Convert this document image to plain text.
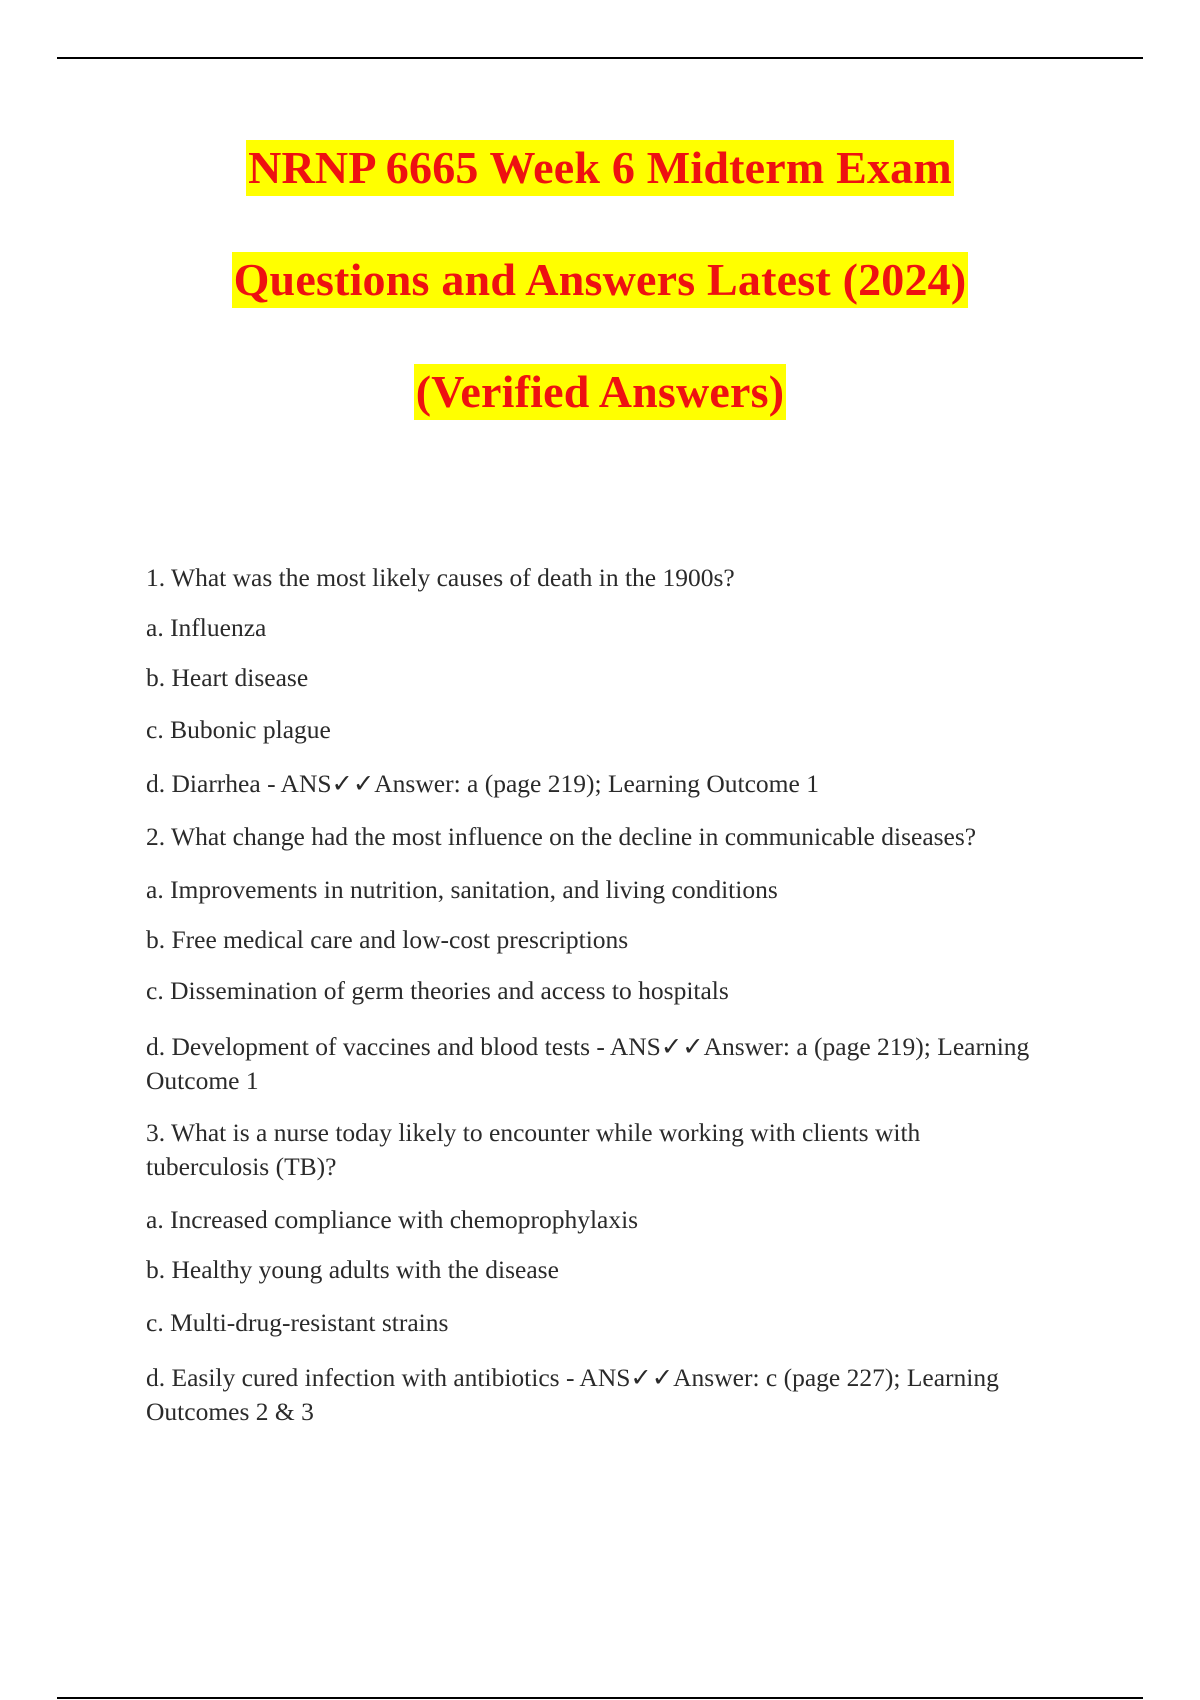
NRNP 6665 Week 6 Midterm Exam
Questions and Answers Latest (2024)
(Verified Answers)

1. What was the most likely causes of death in the 1900s?

a. Influenza

b. Heart disease

c. Bubonic plague

d. Diarrhea - ANS✓✓Answer: a (page 219); Learning Outcome 1

2. What change had the most influence on the decline in communicable diseases?

a. Improvements in nutrition, sanitation, and living conditions

b. Free medical care and low-cost prescriptions

c. Dissemination of germ theories and access to hospitals

d. Development of vaccines and blood tests - ANS✓✓Answer: a (page 219); Learning Outcome 1

3. What is a nurse today likely to encounter while working with clients with tuberculosis (TB)?

a. Increased compliance with chemoprophylaxis

b. Healthy young adults with the disease

c. Multi-drug-resistant strains

d. Easily cured infection with antibiotics - ANS✓✓Answer: c (page 227); Learning Outcomes 2 & 3
